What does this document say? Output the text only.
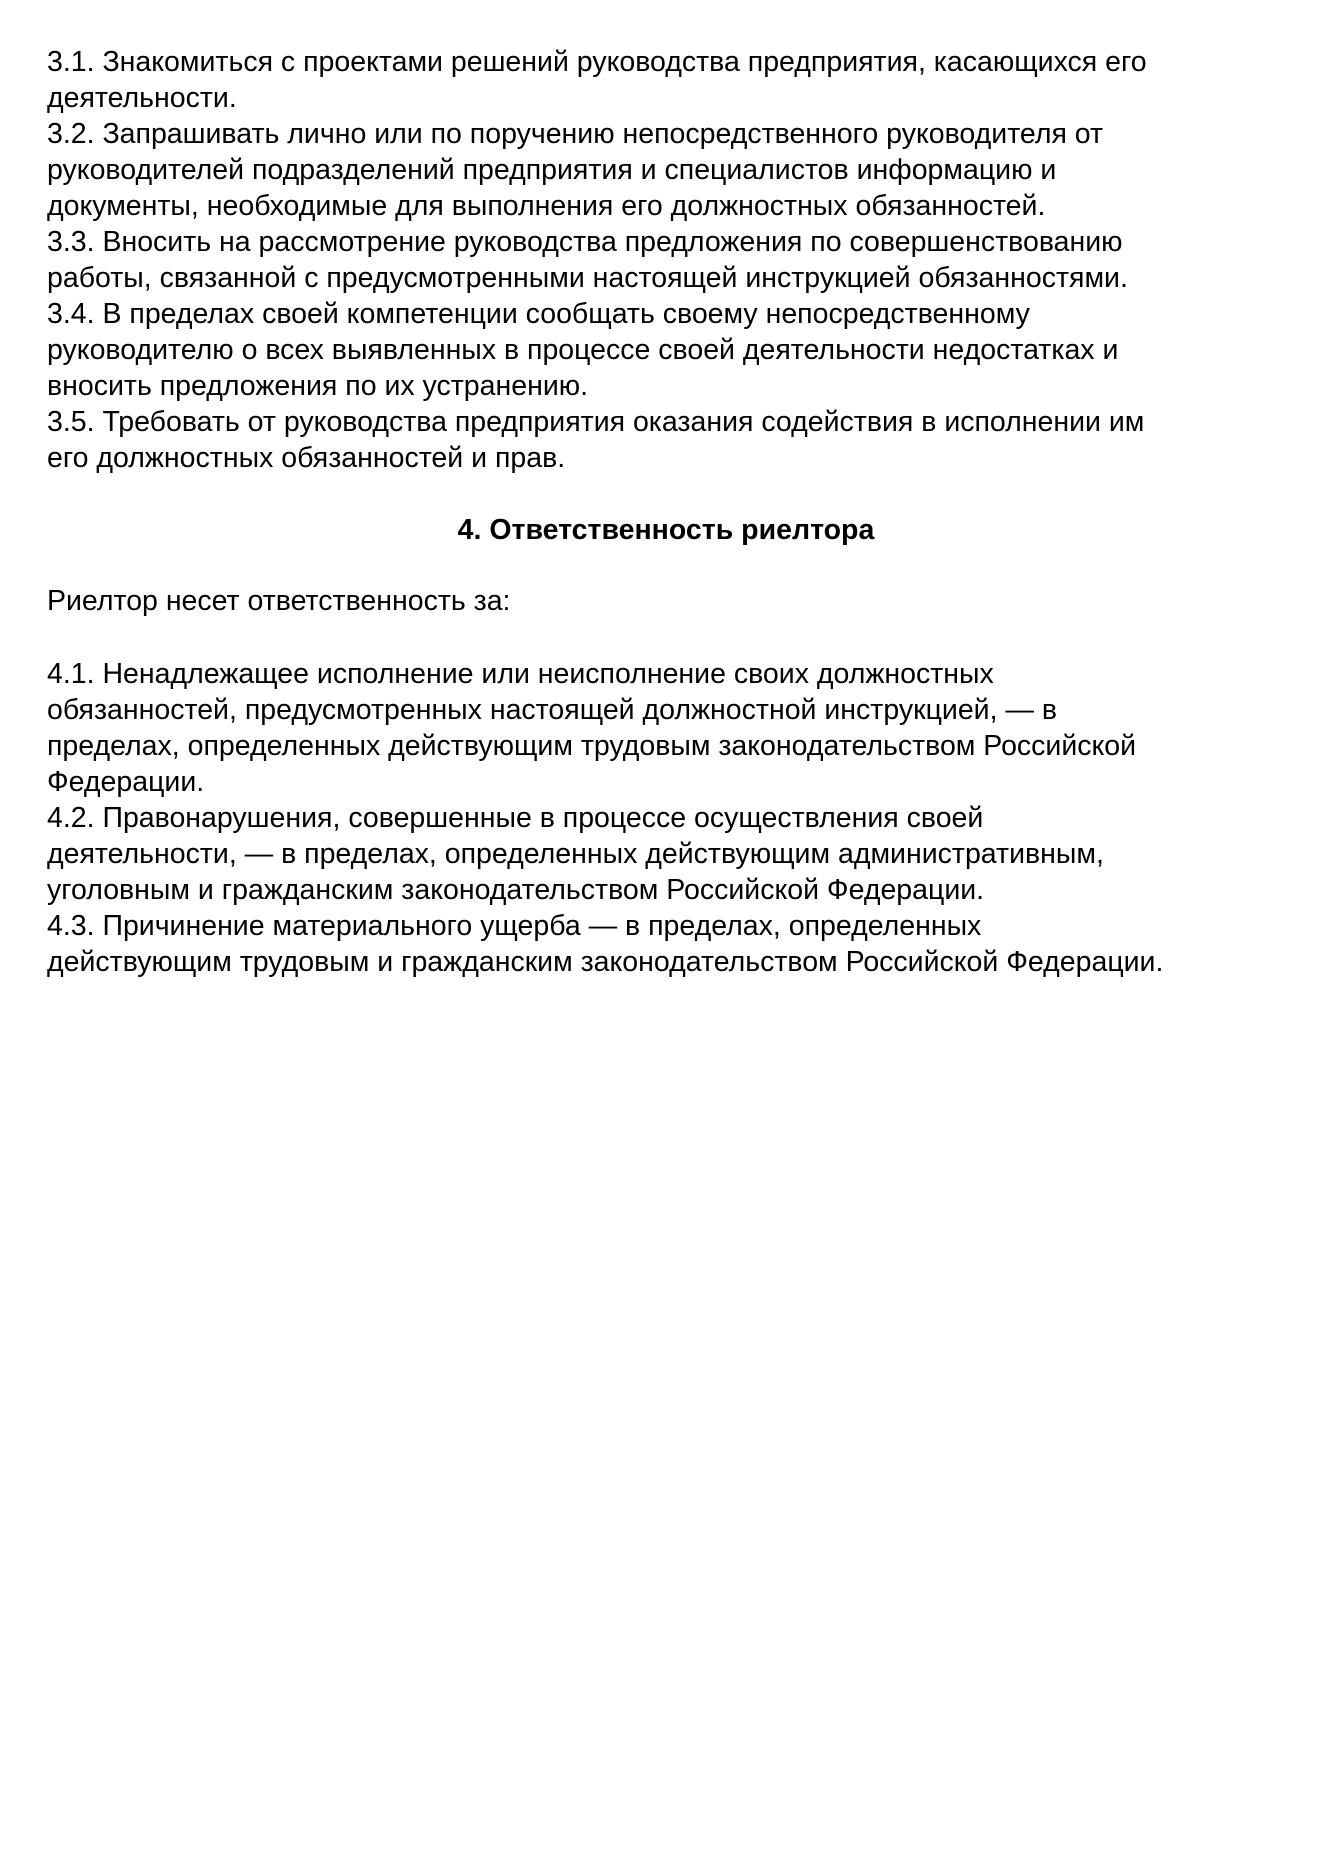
3.1. Знакомиться с проектами решений руководства предприятия, касающихся его
деятельности.
3.2. Запрашивать лично или по поручению непосредственного руководителя от
руководителей подразделений предприятия и специалистов информацию и
документы, необходимые для выполнения его должностных обязанностей.
3.3. Вносить на рассмотрение руководства предложения по совершенствованию
работы, связанной с предусмотренными настоящей инструкцией обязанностями.
3.4. В пределах своей компетенции сообщать своему непосредственному
руководителю о всех выявленных в процессе своей деятельности недостатках и
вносить предложения по их устранению.
3.5. Требовать от руководства предприятия оказания содействия в исполнении им
его должностных обязанностей и прав.
4. Ответственность риелтора
Риелтор несет ответственность за:
4.1. Ненадлежащее исполнение или неисполнение своих должностных
обязанностей, предусмотренных настоящей должностной инструкцией, — в
пределах, определенных действующим трудовым законодательством Российской
Федерации.
4.2. Правонарушения, совершенные в процессе осуществления своей
деятельности, — в пределах, определенных действующим административным,
уголовным и гражданским законодательством Российской Федерации.
4.3. Причинение материального ущерба — в пределах, определенных
действующим трудовым и гражданским законодательством Российской Федерации.
